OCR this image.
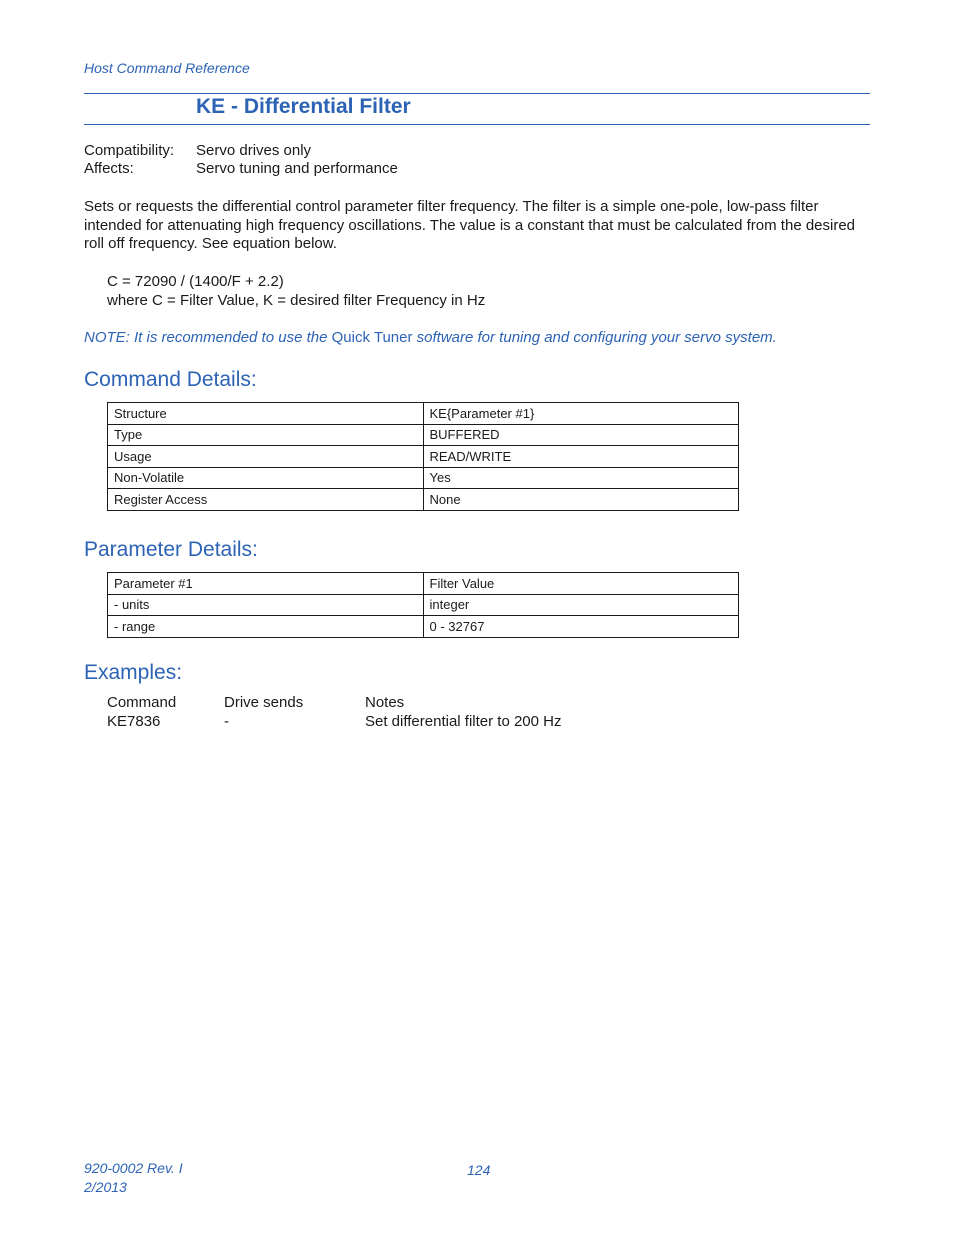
Host Command Reference
KE - Differential Filter
Compatibility: Servo drives only
Affects:	Servo tuning and performance
Sets or requests the differential control parameter filter frequency. The filter is a simple one-pole, low-pass filter intended for attenuating high frequency oscillations. The value is a constant that must be calculated from the desired roll off frequency. See equation below.
C = 72090 / (1400/F + 2.2)
where C = Filter Value, K = desired filter Frequency in Hz
NOTE: It is recommended to use the Quick Tuner software for tuning and configuring your servo system.
Command Details:
Structure	KE{Parameter #1}
Type	BUFFERED
Usage	READ/WRITE
Non-Volatile	Yes
Register Access	None
Parameter Details:
Parameter #1	Filter Value
- units	integer
- range	0 - 32767
Examples:
Command	Drive sends	Notes
KE7836	-	Set differential filter to 200 Hz
920-0002 Rev. I
2/2013
124
